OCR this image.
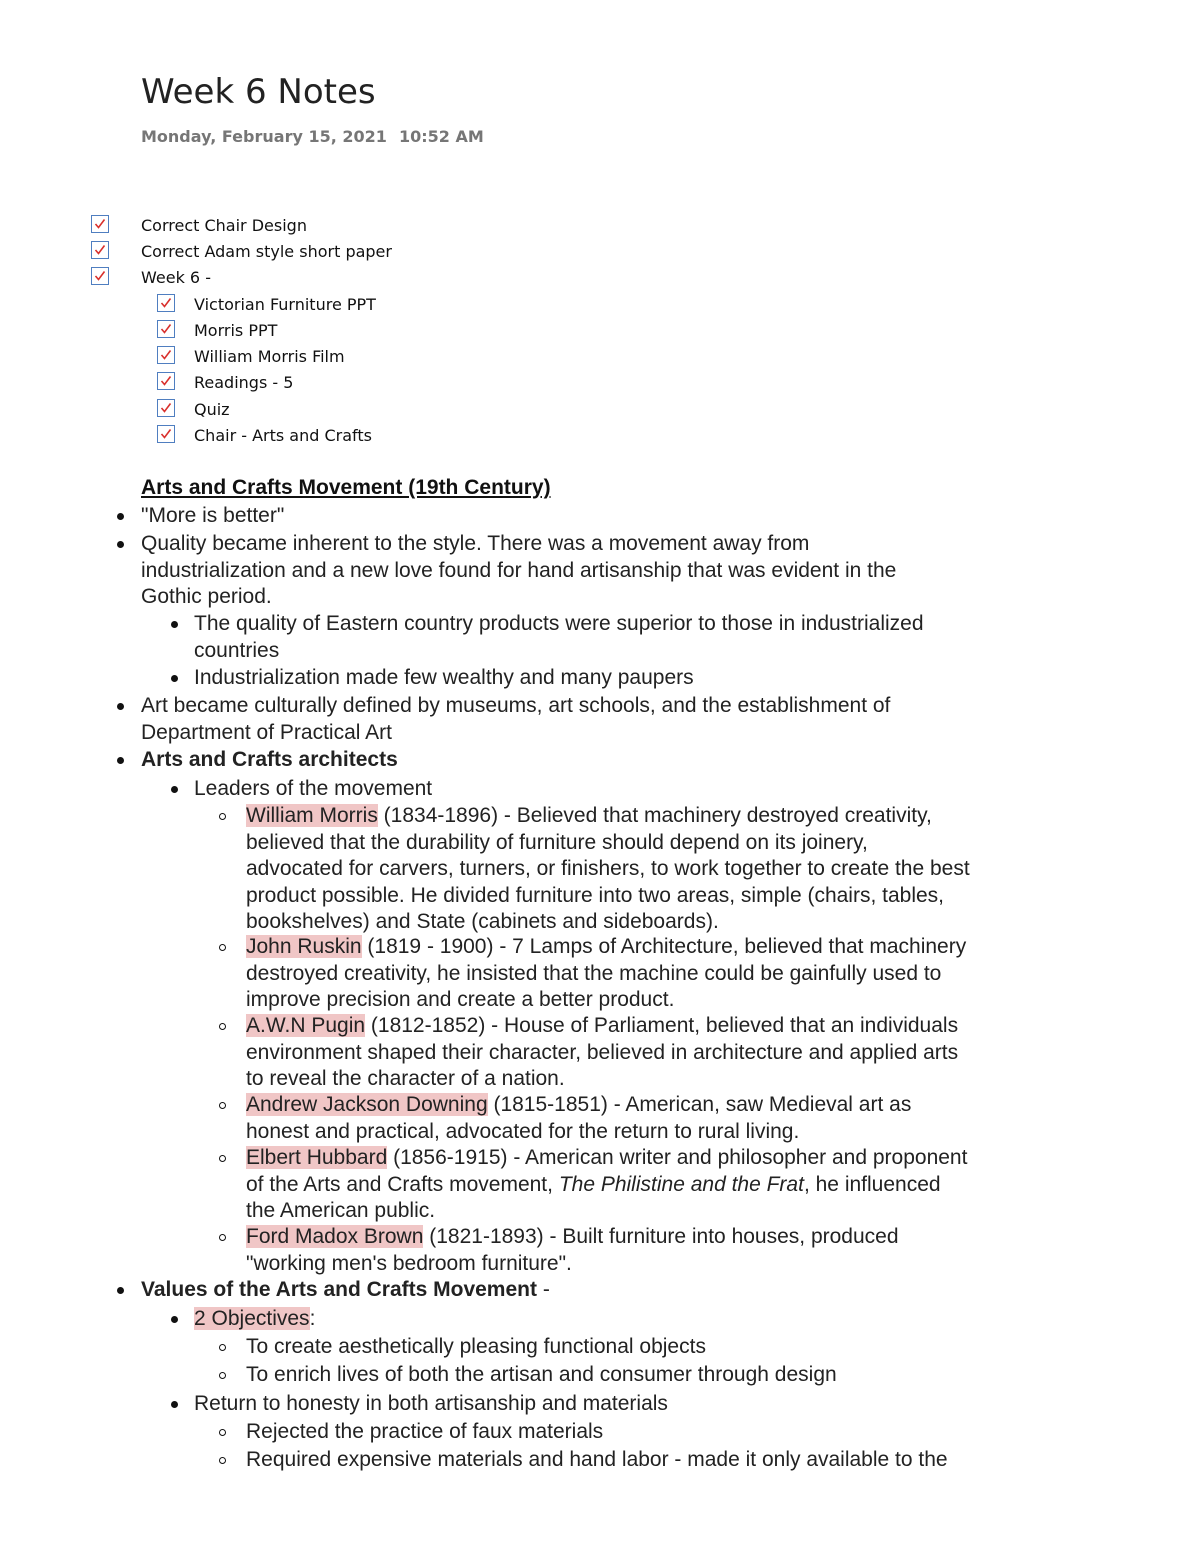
Week 6 Notes
Monday, February 15, 2021 10:52 AM
Correct Chair Design
Correct Adam style short paper
Week 6 -
Victorian Furniture PPT
Morris PPT
William Morris Film
Readings - 5
Quiz
Chair - Arts and Crafts
Arts and Crafts Movement (19th Century)
"More is better"
Quality became inherent to the style. There was a movement away from
industrialization and a new love found for hand artisanship that was evident in the
Gothic period.
The quality of Eastern country products were superior to those in industrialized
countries
Industrialization made few wealthy and many paupers
Art became culturally defined by museums, art schools, and the establishment of
Department of Practical Art
Arts and Crafts architects
Leaders of the movement
William Morris (1834-1896) - Believed that machinery destroyed creativity,
believed that the durability of furniture should depend on its joinery,
advocated for carvers, turners, or finishers, to work together to create the best
product possible. He divided furniture into two areas, simple (chairs, tables,
bookshelves) and State (cabinets and sideboards).
John Ruskin (1819 - 1900) - 7 Lamps of Architecture, believed that machinery
destroyed creativity, he insisted that the machine could be gainfully used to
improve precision and create a better product.
A.W.N Pugin (1812-1852) - House of Parliament, believed that an individuals
environment shaped their character, believed in architecture and applied arts
to reveal the character of a nation.
Andrew Jackson Downing (1815-1851) - American, saw Medieval art as
honest and practical, advocated for the return to rural living.
Elbert Hubbard (1856-1915) - American writer and philosopher and proponent
of the Arts and Crafts movement, The Philistine and the Frat, he influenced
the American public.
Ford Madox Brown (1821-1893) - Built furniture into houses, produced
"working men's bedroom furniture".
Values of the Arts and Crafts Movement -
2 Objectives:
To create aesthetically pleasing functional objects
To enrich lives of both the artisan and consumer through design
Return to honesty in both artisanship and materials
Rejected the practice of faux materials
Required expensive materials and hand labor - made it only available to the
